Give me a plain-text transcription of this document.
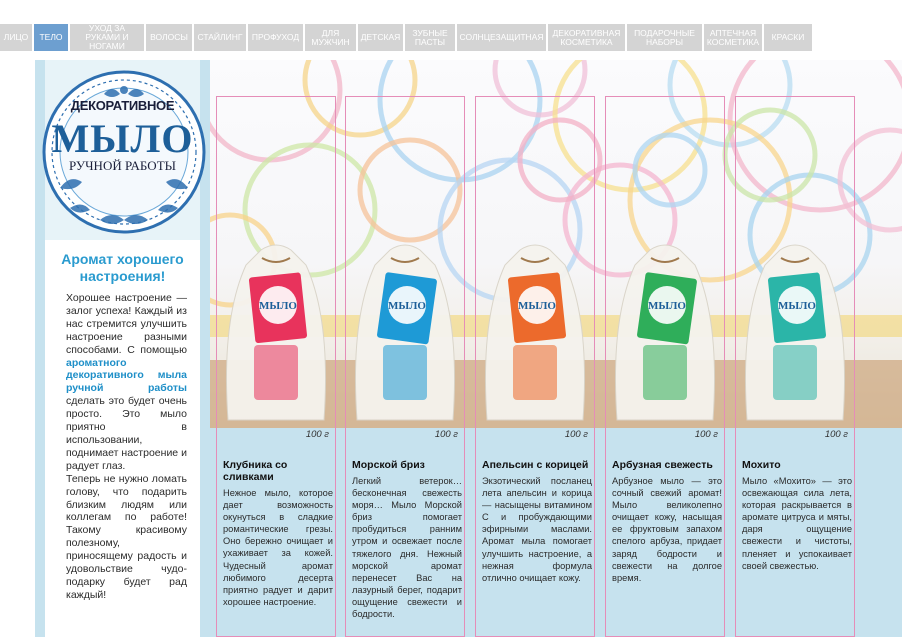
ЛИЦО	ТЕЛО
УХОД ЗА РУКАМИ И НОГАМИ
ВОЛОСЫ	СТАЙЛИНГ	ПРОФУХОД	ДЛЯ МУЖЧИН	ДЕТСКАЯ	ЗУБНЫЕ ПАСТЫ	СОЛНЦЕЗАЩИТНАЯ	ДЕКОРАТИВНАЯ КОСМЕТИКА
ПОДАРОЧНЫЕ НАБОРЫ
АПТЕЧНАЯ КОСМЕТИКА	КРАСКИ
ДЕКОРАТИВНОЕ
МЫЛО
РУЧНОЙ РАБОТЫ
Аромат хорошего настроения!
Хорошее настроение — залог успеха! Каждый из нас стремится улучшить настроение разными способами. С помощью ароматного декоративного мыла ручной работы сделать это будет очень просто. Это мыло приятно в использовании, поднимает настроение и радует глаз.
Теперь не нужно ломать голову, что подарить близким людям или коллегам по работе! Такому красивому полезному, приносящему радость и удовольствие чудо-подарку будет рад каждый!
МЫЛО	МЫЛО	МЫЛО	МЫЛО	МЫЛО
100 г
Клубника со сливками
Нежное мыло, которое дает возможность окунуться в сладкие романтические грезы. Оно бережно очищает и ухаживает за кожей. Чудесный аромат любимого десерта приятно радует и дарит хорошее настроение.
100 г
Морской бриз
Легкий ветерок…бесконечная свежесть моря… Мыло Морской бриз помогает пробудиться ранним утром и освежает после тяжелого дня. Нежный морской аромат перенесет Вас на лазурный берег, подарит ощущение свежести и бодрости.
100 г
Апельсин с корицей
Экзотический посланец лета апельсин и корица — насыщены витамином С и пробуждающими эфирными маслами. Аромат мыла помогает улучшить настроение, а нежная формула отлично очищает кожу.
100 г
Арбузная свежесть
Арбузное мыло — это сочный свежий аромат! Мыло великолепно очищает кожу, насыщая ее фруктовым запахом спелого арбуза, придает заряд бодрости и свежести на долгое время.
100 г
Мохито
Мыло «Мохито» — это освежающая сила лета, которая раскрывается в аромате цитруса и мяты, даря ощущение свежести и чистоты, пленяет и успокаивает своей свежестью.
